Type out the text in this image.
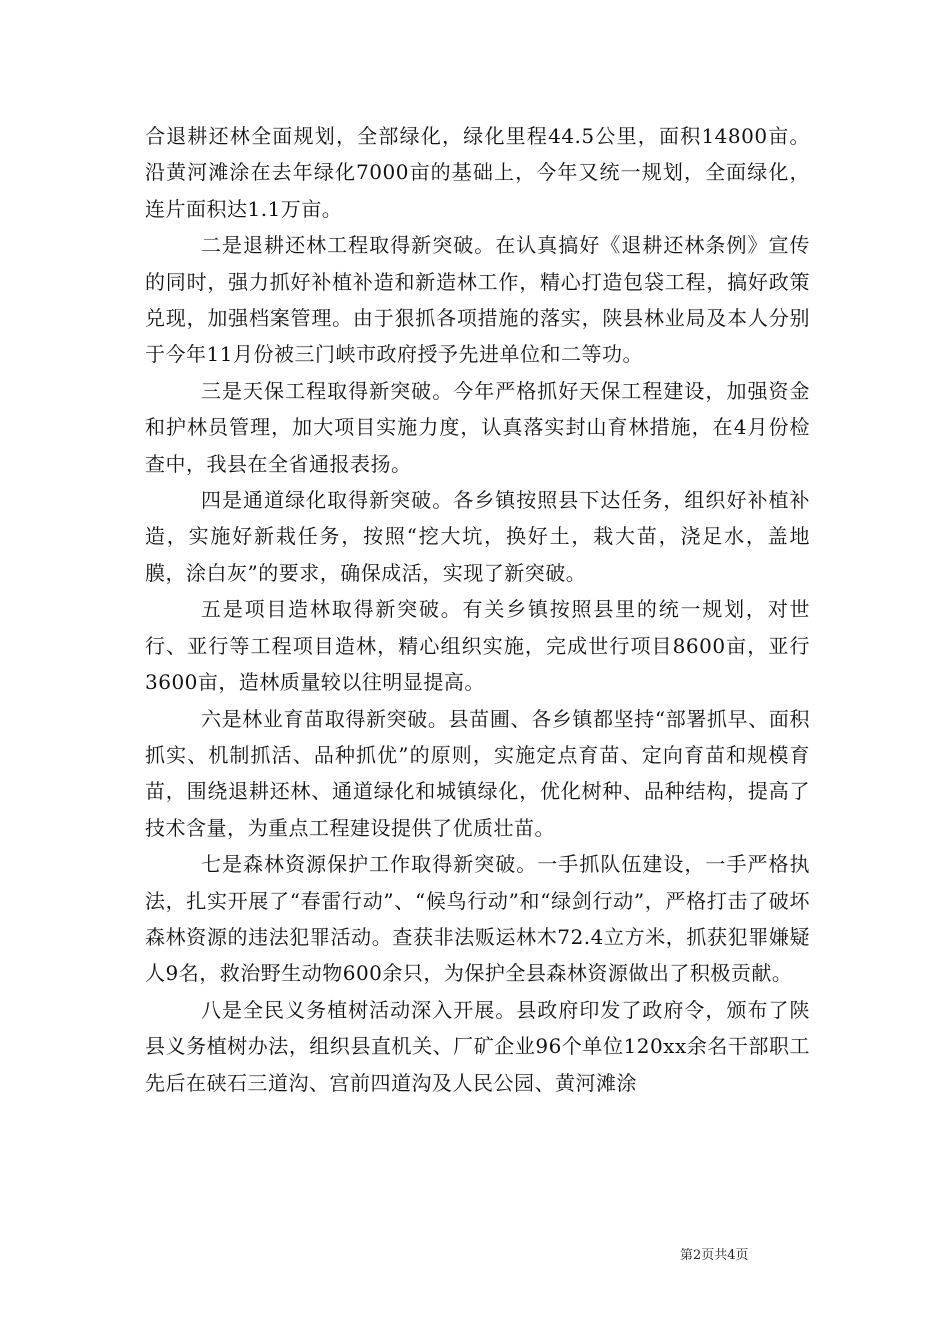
合退耕还林全面规划，全部绿化，绿化里程44.5公里，面积14800亩。沿黄河滩涂在去年绿化7000亩的基础上，今年又统一规划，全面绿化，连片面积达1.1万亩。

二是退耕还林工程取得新突破。在认真搞好《退耕还林条例》宣传的同时，强力抓好补植补造和新造林工作，精心打造包袋工程，搞好政策兑现，加强档案管理。由于狠抓各项措施的落实，陕县林业局及本人分别于今年11月份被三门峡市政府授予先进单位和二等功。

三是天保工程取得新突破。今年严格抓好天保工程建设，加强资金和护林员管理，加大项目实施力度，认真落实封山育林措施，在4月份检查中，我县在全省通报表扬。

四是通道绿化取得新突破。各乡镇按照县下达任务，组织好补植补造，实施好新栽任务，按照“挖大坑，换好土，栽大苗，浇足水，盖地膜，涂白灰”的要求，确保成活，实现了新突破。

五是项目造林取得新突破。有关乡镇按照县里的统一规划，对世行、亚行等工程项目造林，精心组织实施，完成世行项目8600亩，亚行3600亩，造林质量较以往明显提高。

六是林业育苗取得新突破。县苗圃、各乡镇都坚持“部署抓早、面积抓实、机制抓活、品种抓优”的原则，实施定点育苗、定向育苗和规模育苗，围绕退耕还林、通道绿化和城镇绿化，优化树种、品种结构，提高了技术含量，为重点工程建设提供了优质壮苗。

七是森林资源保护工作取得新突破。一手抓队伍建设，一手严格执法，扎实开展了“春雷行动”、“候鸟行动”和“绿剑行动”，严格打击了破坏森林资源的违法犯罪活动。查获非法贩运林木72.4立方米，抓获犯罪嫌疑人9名，救治野生动物600余只，为保护全县森林资源做出了积极贡献。

八是全民义务植树活动深入开展。县政府印发了政府令，颁布了陕县义务植树办法，组织县直机关、厂矿企业96个单位120xx余名干部职工先后在硖石三道沟、宫前四道沟及人民公园、黄河滩涂

第2页共4页
